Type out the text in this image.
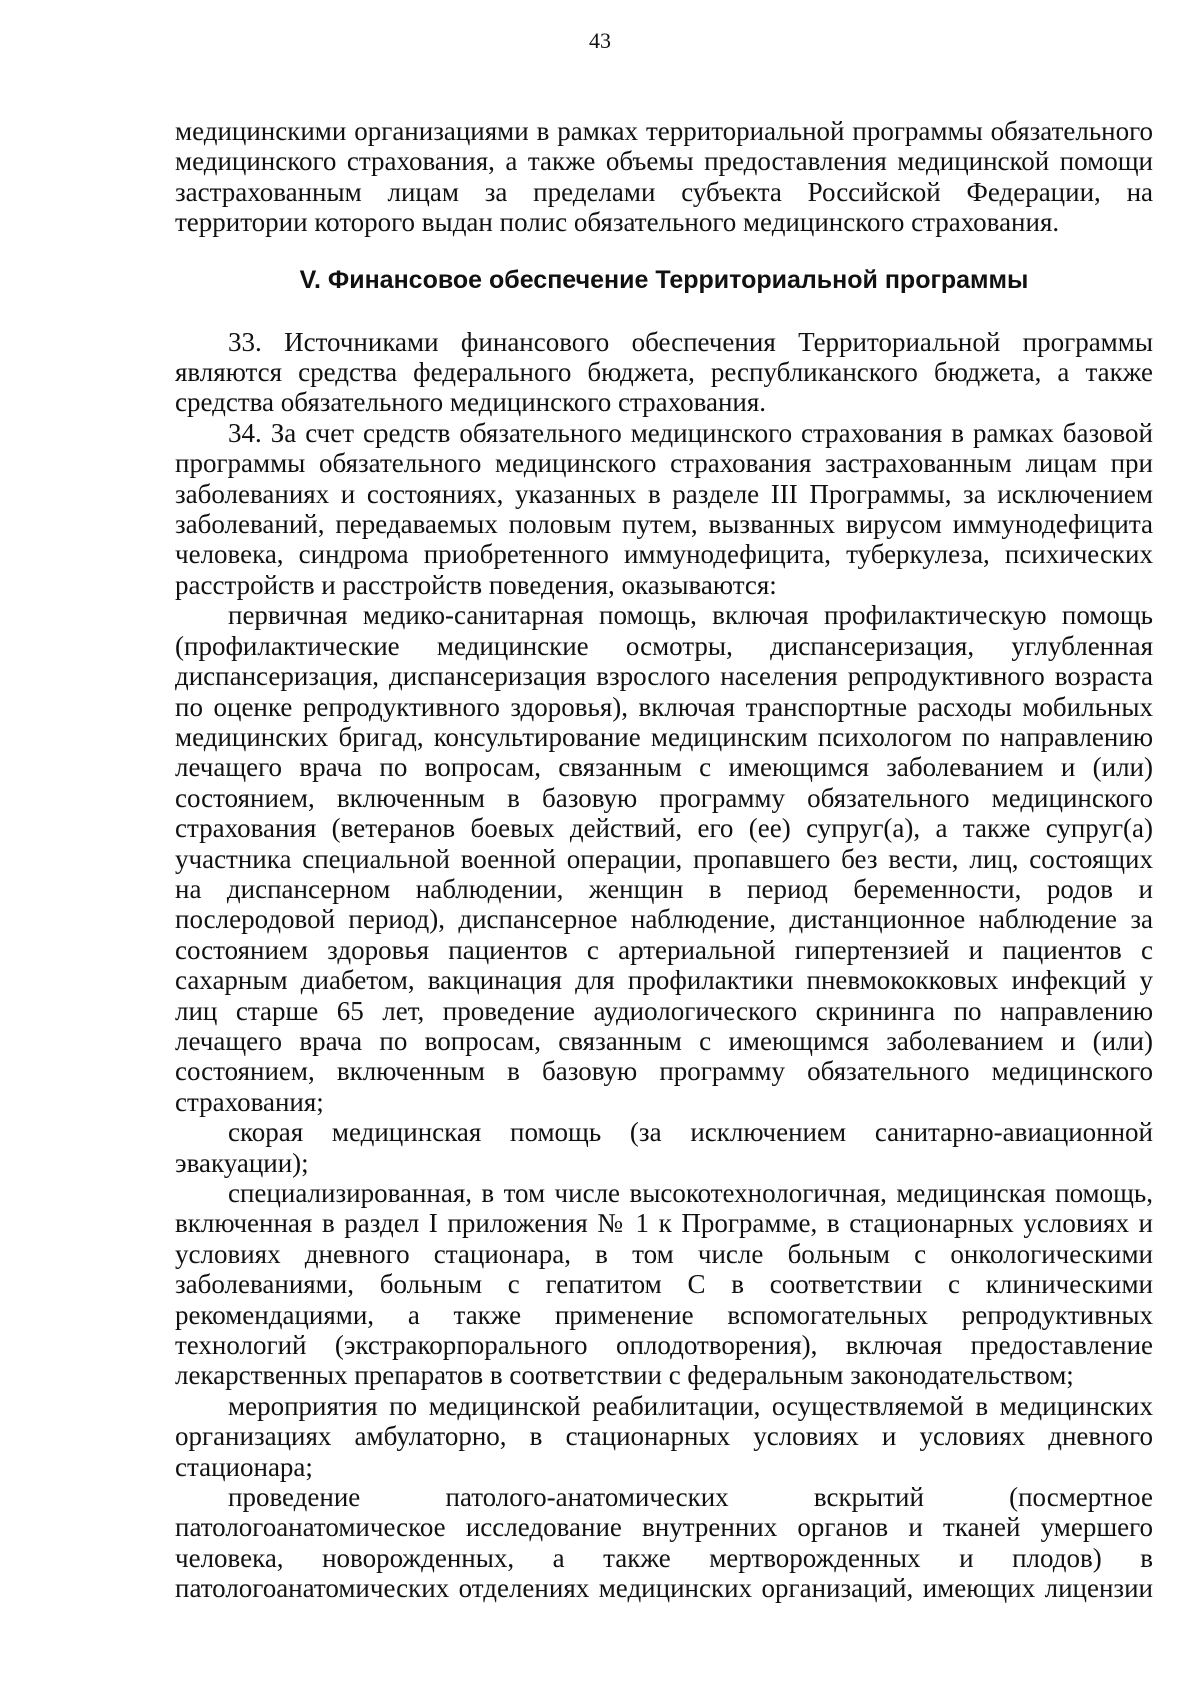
43

медицинскими организациями в рамках территориальной программы обязательного медицинского страхования, а также объемы предоставления медицинской помощи застрахованным лицам за пределами субъекта Российской Федерации, на территории которого выдан полис обязательного медицинского страхования.

V. Финансовое обеспечение Территориальной программы

33. Источниками финансового обеспечения Территориальной программы являются средства федерального бюджета, республиканского бюджета, а также средства обязательного медицинского страхования.

34. За счет средств обязательного медицинского страхования в рамках базовой программы обязательного медицинского страхования застрахованным лицам при заболеваниях и состояниях, указанных в разделе III Программы, за исключением заболеваний, передаваемых половым путем, вызванных вирусом иммунодефицита человека, синдрома приобретенного иммунодефицита, туберкулеза, психических расстройств и расстройств поведения, оказываются:

первичная медико-санитарная помощь, включая профилактическую помощь (профилактические медицинские осмотры, диспансеризация, углубленная диспансеризация, диспансеризация взрослого населения репродуктивного возраста по оценке репродуктивного здоровья), включая транспортные расходы мобильных медицинских бригад, консультирование медицинским психологом по направлению лечащего врача по вопросам, связанным с имеющимся заболеванием и (или) состоянием, включенным в базовую программу обязательного медицинского страхования (ветеранов боевых действий, его (ее) супруг(а), а также супруг(а) участника специальной военной операции, пропавшего без вести, лиц, состоящих на диспансерном наблюдении, женщин в период беременности, родов и послеродовой период), диспансерное наблюдение, дистанционное наблюдение за состоянием здоровья пациентов с артериальной гипертензией и пациентов с сахарным диабетом, вакцинация для профилактики пневмококковых инфекций у лиц старше 65 лет, проведение аудиологического скрининга по направлению лечащего врача по вопросам, связанным с имеющимся заболеванием и (или) состоянием, включенным в базовую программу обязательного медицинского страхования;

скорая медицинская помощь (за исключением санитарно-авиационной эвакуации);

специализированная, в том числе высокотехнологичная, медицинская помощь, включенная в раздел I приложения № 1 к Программе, в стационарных условиях и условиях дневного стационара, в том числе больным с онкологическими заболеваниями, больным с гепатитом C в соответствии с клиническими рекомендациями, а также применение вспомогательных репродуктивных технологий (экстракорпорального оплодотворения), включая предоставление лекарственных препаратов в соответствии с федеральным законодательством;

мероприятия по медицинской реабилитации, осуществляемой в медицинских организациях амбулаторно, в стационарных условиях и условиях дневного стационара;

проведение патолого-анатомических вскрытий (посмертное патологоанатомическое исследование внутренних органов и тканей умершего человека, новорожденных, а также мертворожденных и плодов) в патологоанатомических отделениях медицинских организаций, имеющих лицензии
